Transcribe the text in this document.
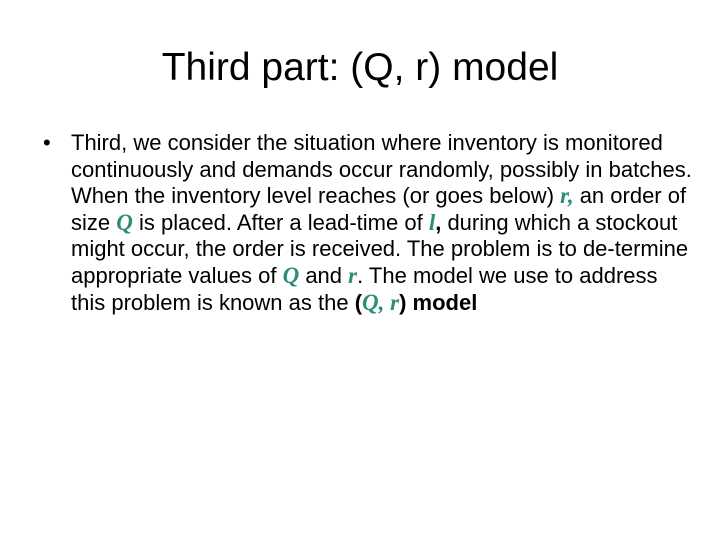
Third part: (Q, r) model
• Third, we consider the situation where inventory is monitored continuously and demands occur randomly, possibly in batches. When the inventory level reaches (or goes below) r, an order of size Q is placed. After a lead-time of l, during which a stockout might occur, the order is received. The problem is to de-termine appropriate values of Q and r. The model we use to address this problem is known as the (Q, r) model
